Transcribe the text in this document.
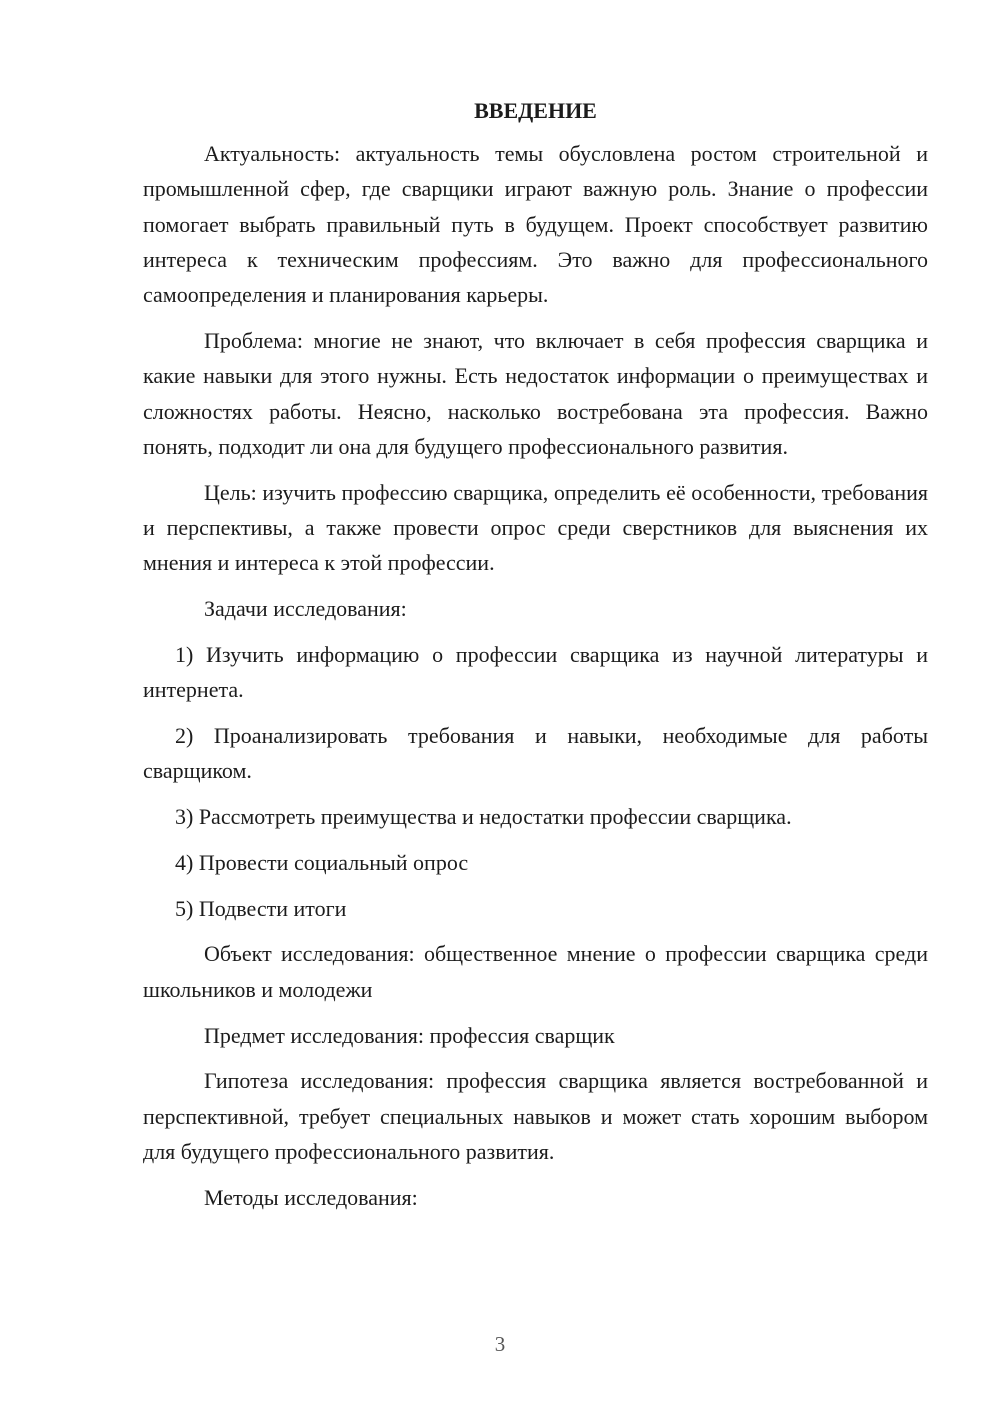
ВВЕДЕНИЕ

Актуальность: актуальность темы обусловлена ростом строительной и промышленной сфер, где сварщики играют важную роль. Знание о профессии помогает выбрать правильный путь в будущем. Проект способствует развитию интереса к техническим профессиям. Это важно для профессионального самоопределения и планирования карьеры.

Проблема: многие не знают, что включает в себя профессия сварщика и какие навыки для этого нужны. Есть недостаток информации о преимуществах и сложностях работы. Неясно, насколько востребована эта профессия. Важно понять, подходит ли она для будущего профессионального развития.

Цель: изучить профессию сварщика, определить её особенности, требования и перспективы, а также провести опрос среди сверстников для выяснения их мнения и интереса к этой профессии.

Задачи исследования:

1) Изучить информацию о профессии сварщика из научной литературы и интернета.

2) Проанализировать требования и навыки, необходимые для работы сварщиком.

3) Рассмотреть преимущества и недостатки профессии сварщика.

4) Провести социальный опрос

5) Подвести итоги

Объект исследования: общественное мнение о профессии сварщика среди школьников и молодежи

Предмет исследования: профессия сварщик

Гипотеза исследования: профессия сварщика является востребованной и перспективной, требует специальных навыков и может стать хорошим выбором для будущего профессионального развития.

Методы исследования:

3
